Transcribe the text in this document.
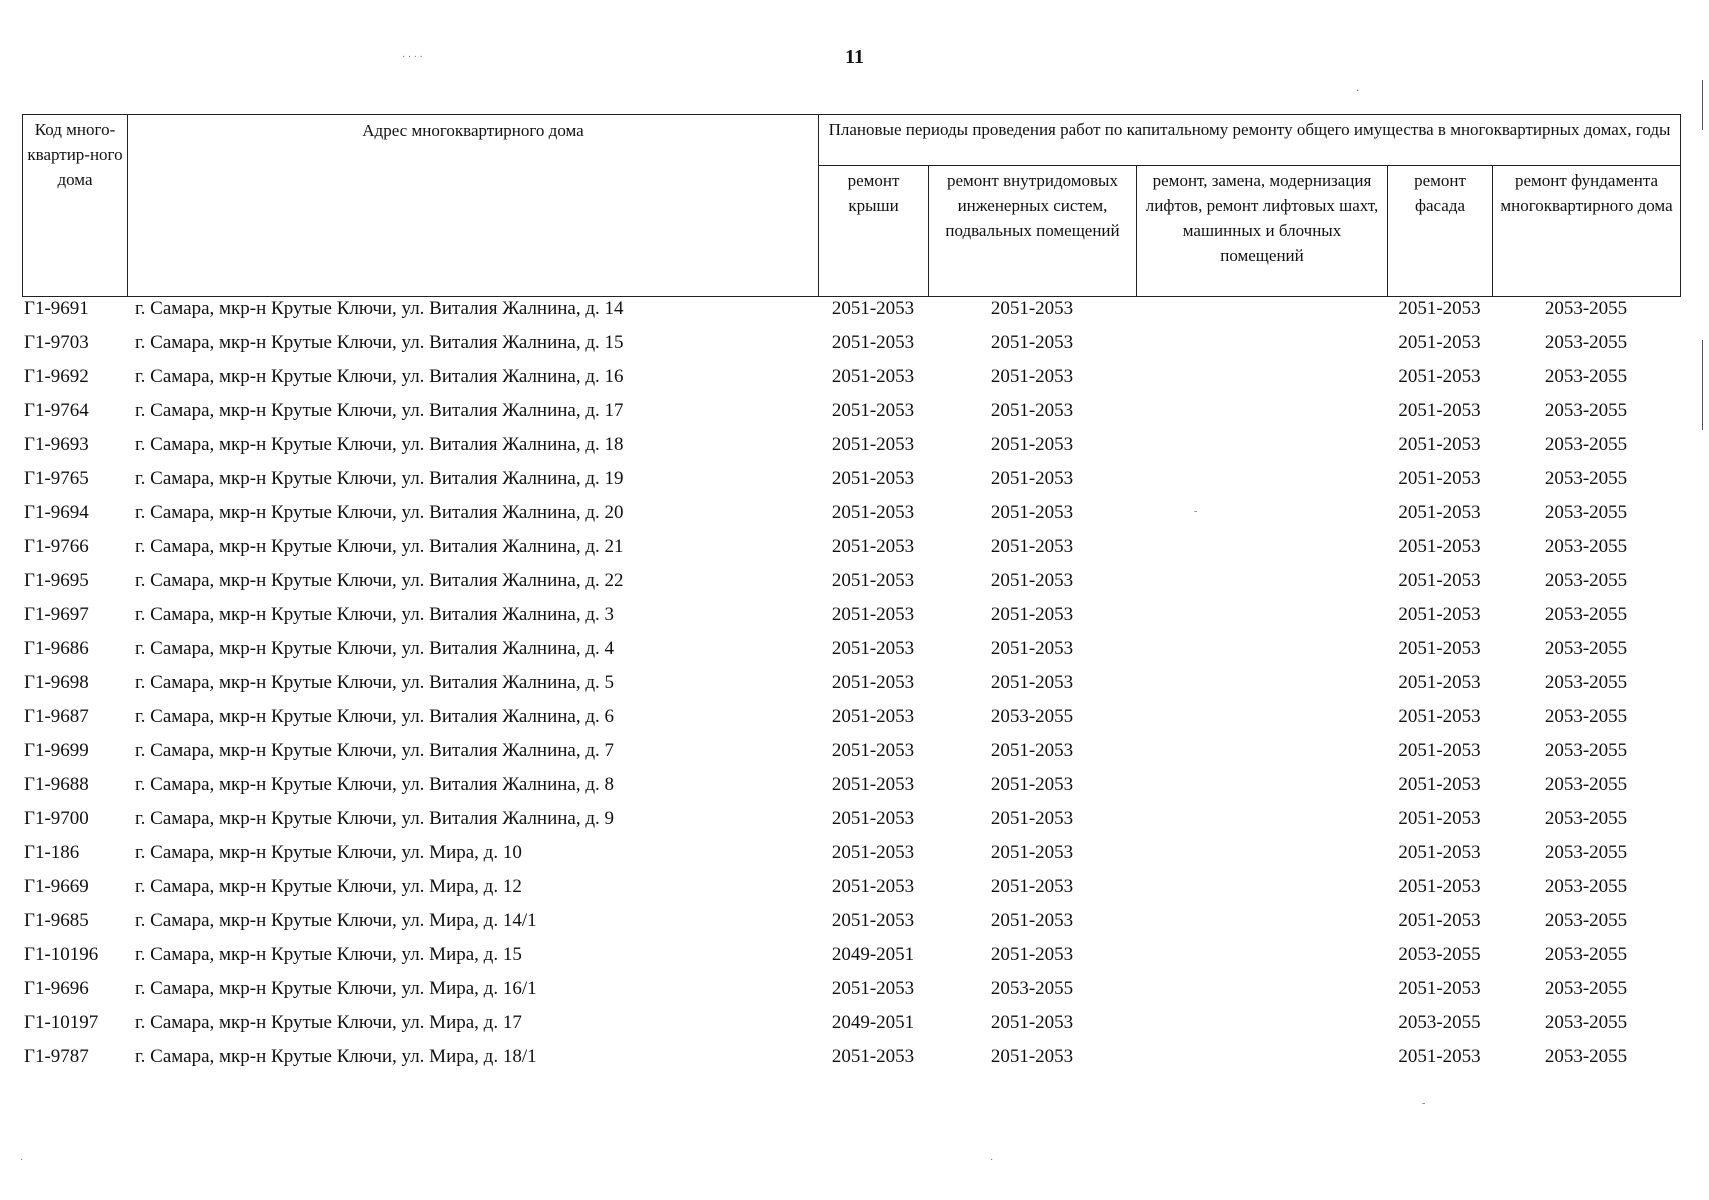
11
Код много-квартир-ного дома	Адрес многоквартирного дома	Плановые периоды проведения работ по капитальному ремонту общего имущества в многоквартирных домах, годы				
		ремонт крыши	ремонт внутридомовых инженерных систем, подвальных помещений	ремонт, замена, модернизация лифтов, ремонт лифтовых шахт, машинных и блочных помещений	ремонт фасада	ремонт фундамента многоквартирного дома
Г1-9691	г. Самара, мкр-н Крутые Ключи, ул. Виталия Жалнина, д. 14	2051-2053	2051-2053		2051-2053	2053-2055
Г1-9703	г. Самара, мкр-н Крутые Ключи, ул. Виталия Жалнина, д. 15	2051-2053	2051-2053		2051-2053	2053-2055
Г1-9692	г. Самара, мкр-н Крутые Ключи, ул. Виталия Жалнина, д. 16	2051-2053	2051-2053		2051-2053	2053-2055
Г1-9764	г. Самара, мкр-н Крутые Ключи, ул. Виталия Жалнина, д. 17	2051-2053	2051-2053		2051-2053	2053-2055
Г1-9693	г. Самара, мкр-н Крутые Ключи, ул. Виталия Жалнина, д. 18	2051-2053	2051-2053		2051-2053	2053-2055
Г1-9765	г. Самара, мкр-н Крутые Ключи, ул. Виталия Жалнина, д. 19	2051-2053	2051-2053		2051-2053	2053-2055
Г1-9694	г. Самара, мкр-н Крутые Ключи, ул. Виталия Жалнина, д. 20	2051-2053	2051-2053		2051-2053	2053-2055
Г1-9766	г. Самара, мкр-н Крутые Ключи, ул. Виталия Жалнина, д. 21	2051-2053	2051-2053		2051-2053	2053-2055
Г1-9695	г. Самара, мкр-н Крутые Ключи, ул. Виталия Жалнина, д. 22	2051-2053	2051-2053		2051-2053	2053-2055
Г1-9697	г. Самара, мкр-н Крутые Ключи, ул. Виталия Жалнина, д. 3	2051-2053	2051-2053		2051-2053	2053-2055
Г1-9686	г. Самара, мкр-н Крутые Ключи, ул. Виталия Жалнина, д. 4	2051-2053	2051-2053		2051-2053	2053-2055
Г1-9698	г. Самара, мкр-н Крутые Ключи, ул. Виталия Жалнина, д. 5	2051-2053	2051-2053		2051-2053	2053-2055
Г1-9687	г. Самара, мкр-н Крутые Ключи, ул. Виталия Жалнина, д. 6	2051-2053	2053-2055		2051-2053	2053-2055
Г1-9699	г. Самара, мкр-н Крутые Ключи, ул. Виталия Жалнина, д. 7	2051-2053	2051-2053		2051-2053	2053-2055
Г1-9688	г. Самара, мкр-н Крутые Ключи, ул. Виталия Жалнина, д. 8	2051-2053	2051-2053		2051-2053	2053-2055
Г1-9700	г. Самара, мкр-н Крутые Ключи, ул. Виталия Жалнина, д. 9	2051-2053	2051-2053		2051-2053	2053-2055
Г1-186	г. Самара, мкр-н Крутые Ключи, ул. Мира, д. 10	2051-2053	2051-2053		2051-2053	2053-2055
Г1-9669	г. Самара, мкр-н Крутые Ключи, ул. Мира, д. 12	2051-2053	2051-2053		2051-2053	2053-2055
Г1-9685	г. Самара, мкр-н Крутые Ключи, ул. Мира, д. 14/1	2051-2053	2051-2053		2051-2053	2053-2055
Г1-10196	г. Самара, мкр-н Крутые Ключи, ул. Мира, д. 15	2049-2051	2051-2053		2053-2055	2053-2055
Г1-9696	г. Самара, мкр-н Крутые Ключи, ул. Мира, д. 16/1	2051-2053	2053-2055		2051-2053	2053-2055
Г1-10197	г. Самара, мкр-н Крутые Ключи, ул. Мира, д. 17	2049-2051	2051-2053		2053-2055	2053-2055
Г1-9787	г. Самара, мкр-н Крутые Ключи, ул. Мира, д. 18/1	2051-2053	2051-2053		2051-2053	2053-2055
· · · ·
·
-
-
·	·
